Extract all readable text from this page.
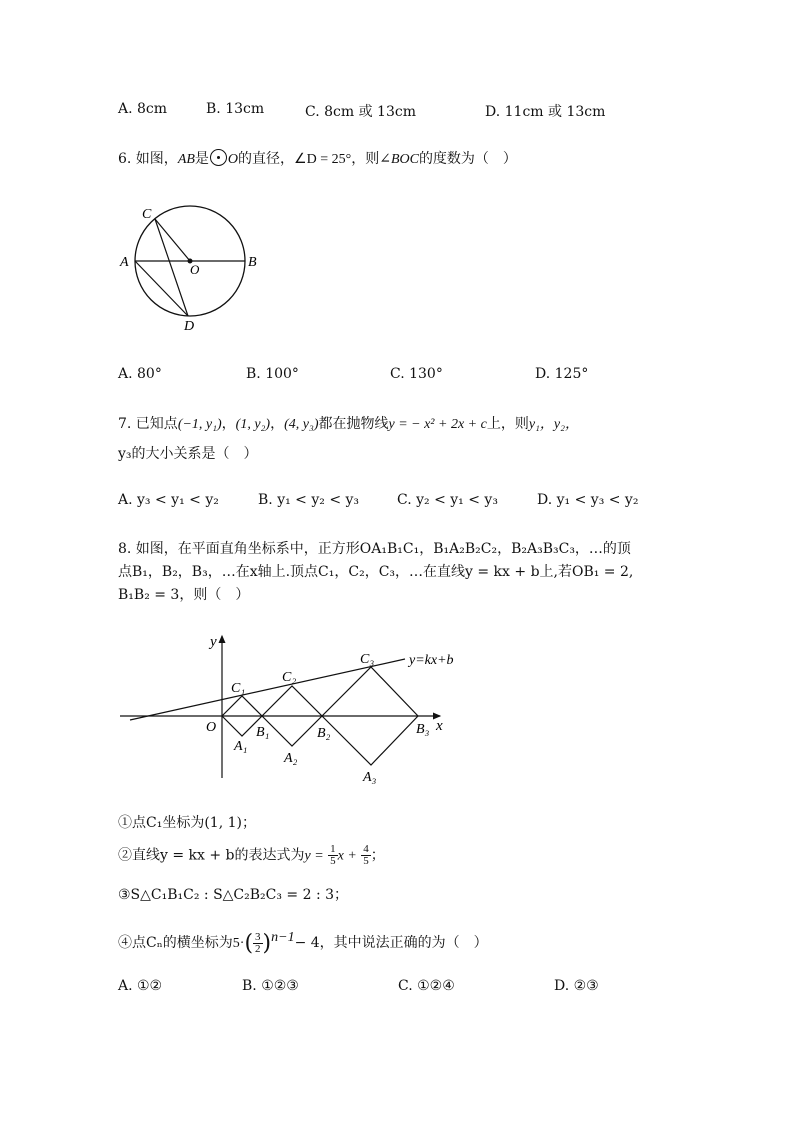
A. 8cm	B. 13cm	C. 8cm 或 13cm	D. 11cm 或 13cm
6. 如图，AB是 O的直径，∠D = 25°，则∠BOC的度数为（　）
C
A	B
O
D
A. 80°	B. 100°	C. 130°	D. 125°
7. 已知点(−1, y₁)，(1, y₂)，(4, y₃)都在抛物线y = − x² + 2x + c上，则y₁，y₂，
y₃的大小关系是（　）
A. y₃ < y₁ < y₂	B. y₁ < y₂ < y₃	C. y₂ < y₁ < y₃	D. y₁ < y₃ < y₂
8. 如图，在平面直角坐标系中，正方形OA₁B₁C₁，B₁A₂B₂C₂，B₂A₃B₃C₃，…的顶
点B₁，B₂，B₃，…在x轴上.顶点C₁，C₂，C₃，…在直线y = kx + b上,若OB₁ = 2,
B₁B₂ = 3，则（　）
y
x
y=kx+b
O
C₁
C₂
C₃
B₁	B₂	B₃
A₁
A₂
A₃
①点C₁坐标为(1, 1)；
②直线y = kx + b的表达式为$y = \frac{1}{5}$ $x + \frac{4}{5}$ ；
③S△C₁B₁C₂ : S△C₂B₂C₃ = 2 : 3；
④点Cₙ的横坐标为$5\cdot( \frac{3}{2} )^{n-1}- 4$，其中说法正确的为（　）
A. ①②	B. ①②③	C. ①②④	D. ②③
